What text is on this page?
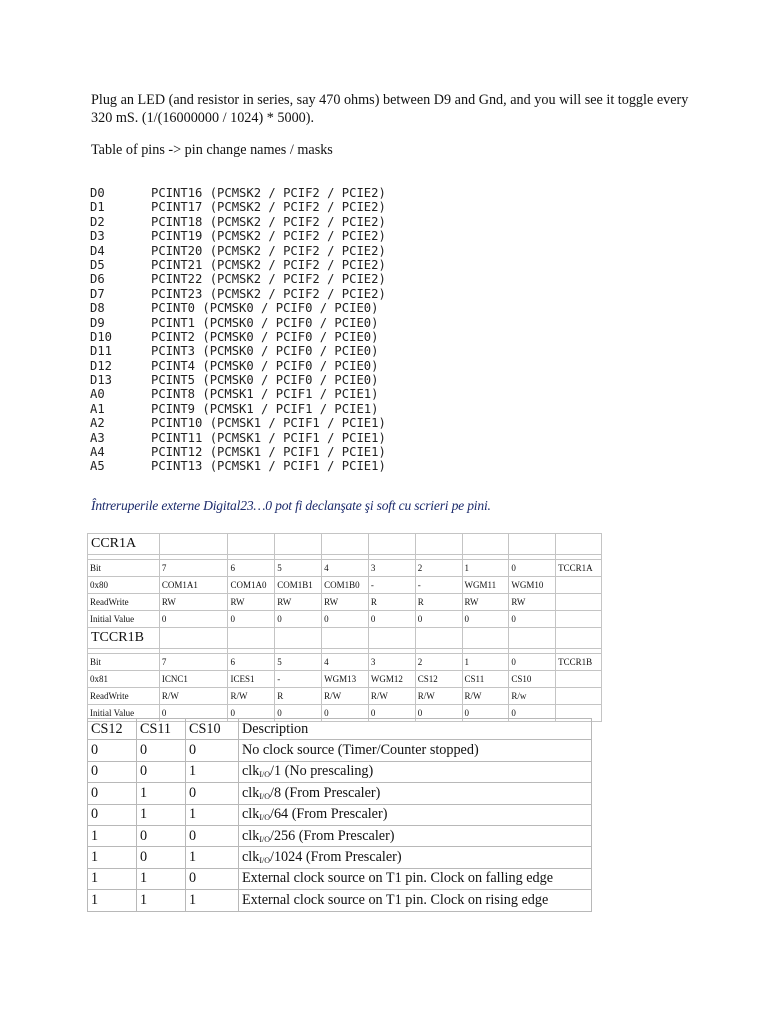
Plug an LED (and resistor in series, say 470 ohms) between D9 and Gnd, and you will see it toggle every 320 mS. (1/(16000000 / 1024) * 5000).

Table of pins -> pin change names / masks

D0	PCINT16 (PCMSK2 / PCIF2 / PCIE2)
D1	PCINT17 (PCMSK2 / PCIF2 / PCIE2)
D2	PCINT18 (PCMSK2 / PCIF2 / PCIE2)
D3	PCINT19 (PCMSK2 / PCIF2 / PCIE2)
D4	PCINT20 (PCMSK2 / PCIF2 / PCIE2)
D5	PCINT21 (PCMSK2 / PCIF2 / PCIE2)
D6	PCINT22 (PCMSK2 / PCIF2 / PCIE2)
D7	PCINT23 (PCMSK2 / PCIF2 / PCIE2)
D8	PCINT0 (PCMSK0 / PCIF0 / PCIE0)
D9	PCINT1 (PCMSK0 / PCIF0 / PCIE0)
D10	PCINT2 (PCMSK0 / PCIF0 / PCIE0)
D11	PCINT3 (PCMSK0 / PCIF0 / PCIE0)
D12	PCINT4 (PCMSK0 / PCIF0 / PCIE0)
D13	PCINT5 (PCMSK0 / PCIF0 / PCIE0)
A0	PCINT8 (PCMSK1 / PCIF1 / PCIE1)
A1	PCINT9 (PCMSK1 / PCIF1 / PCIE1)
A2	PCINT10 (PCMSK1 / PCIF1 / PCIE1)
A3	PCINT11 (PCMSK1 / PCIF1 / PCIE1)
A4	PCINT12 (PCMSK1 / PCIF1 / PCIE1)
A5	PCINT13 (PCMSK1 / PCIF1 / PCIE1)
Întreruperile externe Digital23…0 pot fi declanşate şi soft cu scrieri pe pini.
CCR1A									

Bit	7	6	5	4	3	2	1	0	TCCR1A
0x80	COM1A1	COM1A0	COM1B1	COM1B0	-	-	WGM11	WGM10	
ReadWrite	RW	RW	RW	RW	R	R	RW	RW	
Initial Value	0	0	0	0	0	0	0	0	
TCCR1B									

Bit	7	6	5	4	3	2	1	0	TCCR1B
0x81	ICNC1	ICES1	-	WGM13	WGM12	CS12	CS11	CS10	
ReadWrite	R/W	R/W	R	R/W	R/W	R/W	R/W	R/w	
Initial Value	0	0	0	0	0	0	0	0	
CS12	CS11	CS10	Description
0	0	0	No clock source (Timer/Counter stopped)
0	0	1	clk$_{I/O}$/1 (No prescaling)
0	1	0	clk$_{I/O}$/8 (From Prescaler)
0	1	1	clk$_{I/O}$/64 (From Prescaler)
1	0	0	clk$_{I/O}$/256 (From Prescaler)
1	0	1	clk$_{I/O}$/1024 (From Prescaler)
1	1	0	External clock source on T1 pin. Clock on falling edge
1	1	1	External clock source on T1 pin. Clock on rising edge
